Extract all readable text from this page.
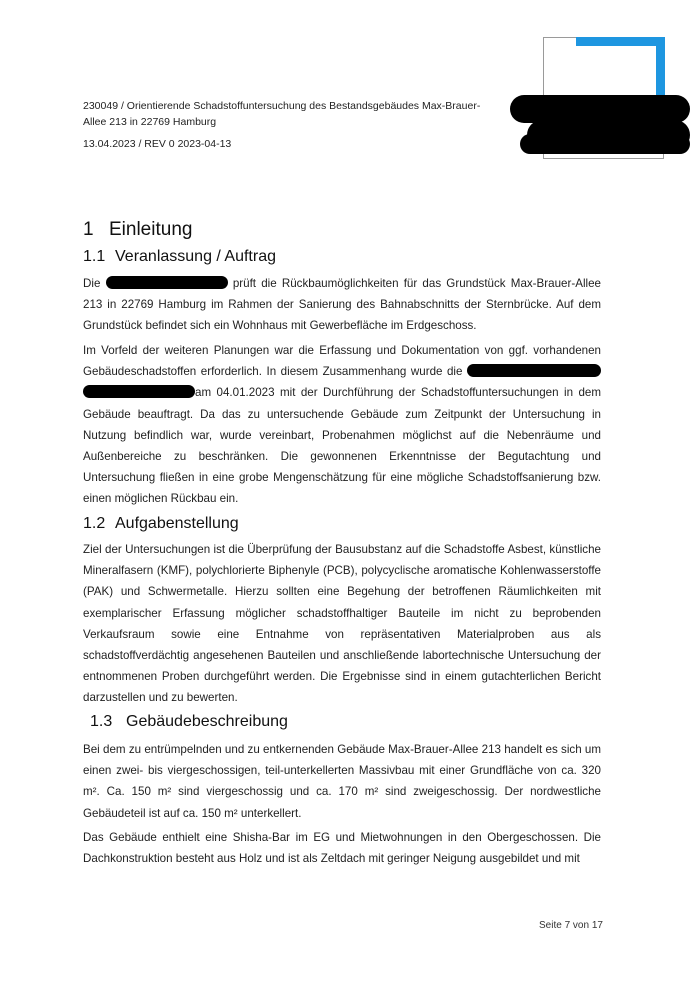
230049 / Orientierende Schadstoffuntersuchung des Bestandsgebäudes Max-Brauer-
Allee 213 in 22769 Hamburg
13.04.2023 / REV 0 2023-04-13
1 Einleitung
1.1 Veranlassung / Auftrag

Die	prüft die Rückbaumöglichkeiten für das Grundstück Max-Brauer-Allee 213 in 22769 Hamburg im Rahmen der Sanierung des Bahnabschnitts der Sternbrücke. Auf dem Grundstück befindet sich ein Wohnhaus mit Gewerbefläche im Erdgeschoss.

Im Vorfeld der weiteren Planungen war die Erfassung und Dokumentation von ggf. vorhandenen Gebäudeschadstoffen erforderlich. In diesem Zusammenhang wurde die  am 04.01.2023 mit der Durchführung der Schadstoffuntersuchungen in dem Gebäude beauftragt. Da das zu untersuchende Gebäude zum Zeitpunkt der Untersuchung in Nutzung befindlich war, wurde vereinbart, Probenahmen möglichst auf die Nebenräume und Außenbereiche zu beschränken. Die gewonnenen Erkenntnisse der Begutachtung und Untersuchung fließen in eine grobe Mengenschätzung für eine mögliche Schadstoffsanierung bzw. einen möglichen Rückbau ein.

1.2 Aufgabenstellung

Ziel der Untersuchungen ist die Überprüfung der Bausubstanz auf die Schadstoffe Asbest, künstliche Mineralfasern (KMF), polychlorierte Biphenyle (PCB), polycyclische aromatische Kohlenwasserstoffe (PAK) und Schwermetalle. Hierzu sollten eine Begehung der betroffenen Räumlichkeiten mit exemplarischer Erfassung möglicher schadstoffhaltiger Bauteile im nicht zu beprobenden Verkaufsraum sowie eine Entnahme von repräsentativen Materialproben aus als schadstoffverdächtig angesehenen Bauteilen und anschließende labortechnische Untersuchung der entnommenen Proben durchgeführt werden. Die Ergebnisse sind in einem gutachterlichen Bericht darzustellen und zu bewerten.

1.3 Gebäudebeschreibung

Bei dem zu entrümpelnden und zu entkernenden Gebäude Max-Brauer-Allee 213 handelt es sich um einen zwei- bis viergeschossigen, teil-unterkellerten Massivbau mit einer Grundfläche von ca. 320 m². Ca. 150 m² sind viergeschossig und ca. 170 m² sind zweigeschossig. Der nordwestliche Gebäudeteil ist auf ca. 150 m² unterkellert.

Das Gebäude enthielt eine Shisha-Bar im EG und Mietwohnungen in den Obergeschossen. Die Dachkonstruktion besteht aus Holz und ist als Zeltdach mit geringer Neigung ausgebildet und mit

Seite 7 von 17
